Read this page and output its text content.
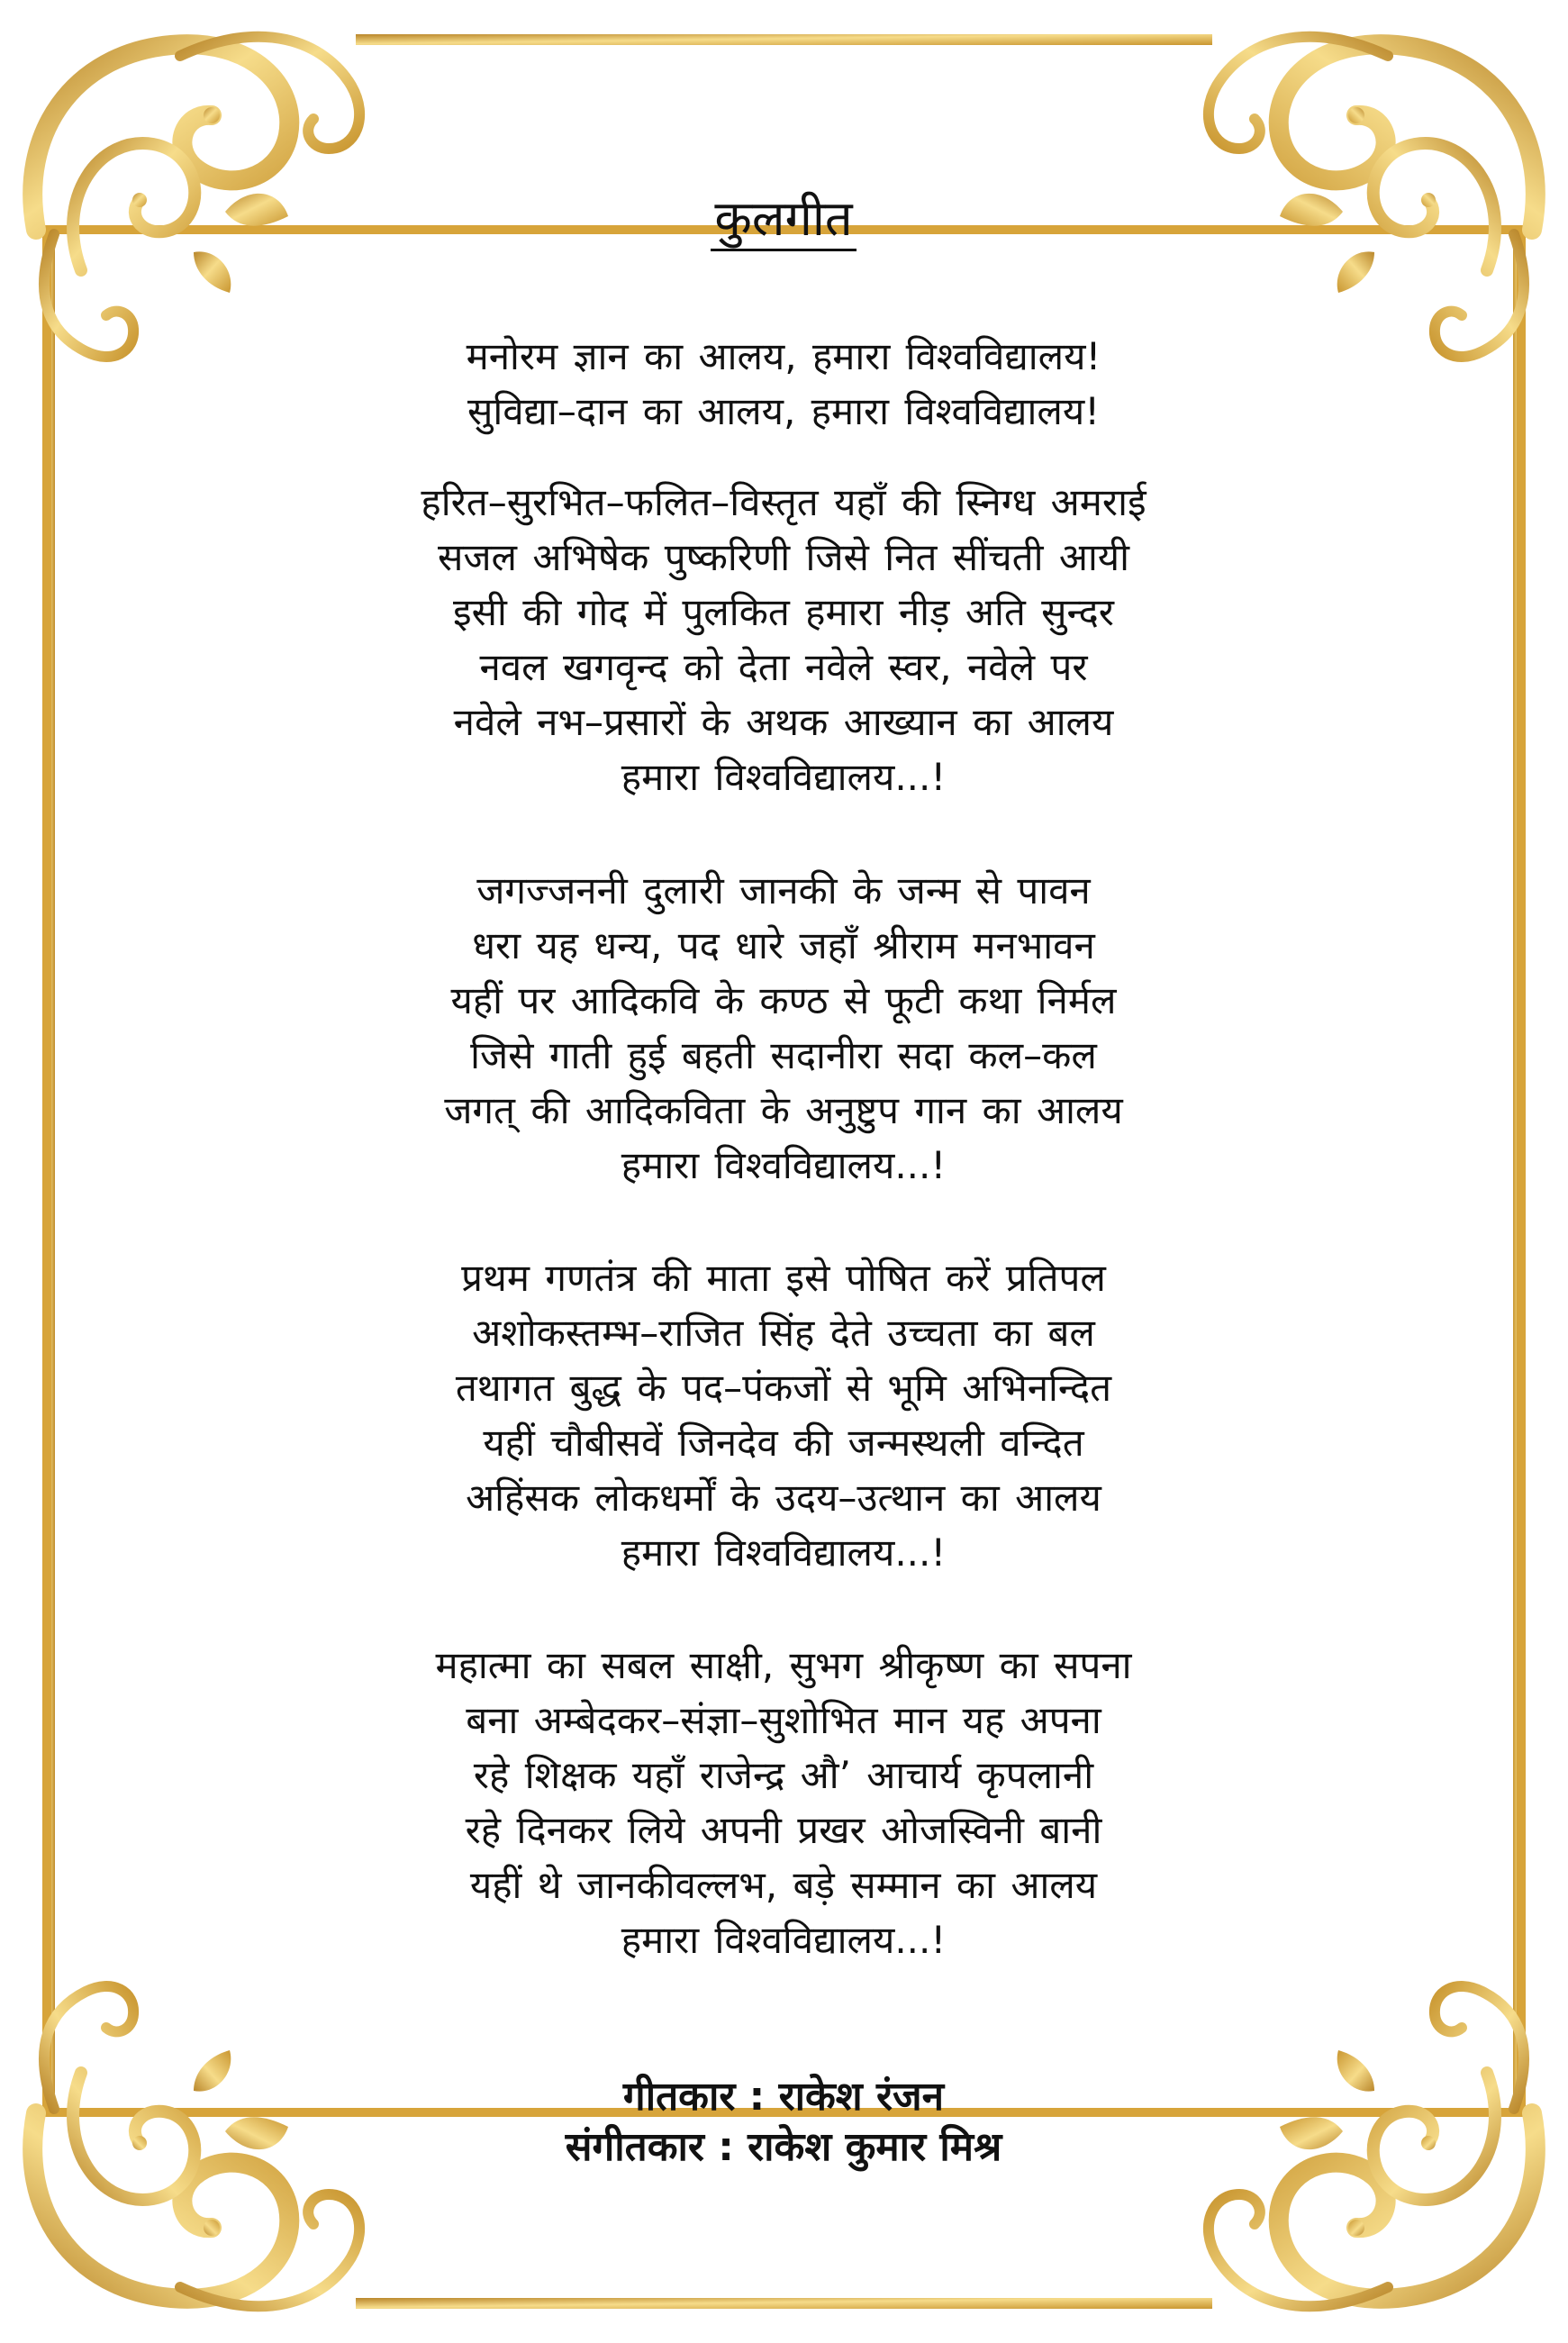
कुलगीत
मनोरम ज्ञान का आलय, हमारा विश्वविद्यालय!
सुविद्या–दान का आलय, हमारा विश्वविद्यालय!
हरित–सुरभित–फलित–विस्तृत यहाँ की स्निग्ध अमराई
सजल अभिषेक पुष्करिणी जिसे नित सींचती आयी
इसी की गोद में पुलकित हमारा नीड़ अति सुन्दर
नवल खगवृन्द को देता नवेले स्वर, नवेले पर
नवेले नभ–प्रसारों के अथक आख्यान का आलय
हमारा विश्वविद्यालय...!
जगज्जननी दुलारी जानकी के जन्म से पावन
धरा यह धन्य, पद धारे जहाँ श्रीराम मनभावन
यहीं पर आदिकवि के कण्ठ से फूटी कथा निर्मल
जिसे गाती हुई बहती सदानीरा सदा कल–कल
जगत् की आदिकविता के अनुष्टुप गान का आलय
हमारा विश्वविद्यालय...!
प्रथम गणतंत्र की माता इसे पोषित करें प्रतिपल
अशोकस्तम्भ–राजित सिंह देते उच्चता का बल
तथागत बुद्ध के पद–पंकजों से भूमि अभिनन्दित
यहीं चौबीसवें जिनदेव की जन्मस्थली वन्दित
अहिंसक लोकधर्मों के उदय–उत्थान का आलय
हमारा विश्वविद्यालय...!
महात्मा का सबल साक्षी, सुभग श्रीकृष्ण का सपना
बना अम्बेदकर–संज्ञा–सुशोभित मान यह अपना
रहे शिक्षक यहाँ राजेन्द्र औ’ आचार्य कृपलानी
रहे दिनकर लिये अपनी प्रखर ओजस्विनी बानी
यहीं थे जानकीवल्लभ, बड़े सम्मान का आलय
हमारा विश्वविद्यालय...!
गीतकार : राकेश रंजन
संगीतकार : राकेश कुमार मिश्र
